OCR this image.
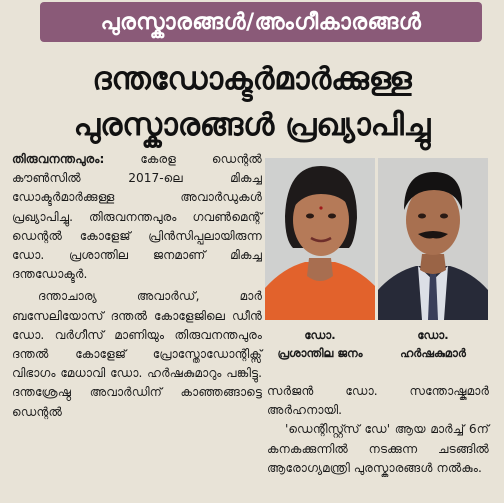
പുരസ്കാരങ്ങൾ/അംഗീകാരങ്ങൾ
ദന്തഡോക്ടർമാർക്കുള്ള
പുരസ്കാരങ്ങൾ പ്രഖ്യാപിച്ചു

തിരുവനന്തപുരം:	കേരള ഡെന്റൽ കൗൺസിൽ 2017-ലെ മികച്ച ഡോക്ടർമാർക്കുള്ള അവാർഡുകൾ പ്രഖ്യാപിച്ചു. തിരുവനന്തപുരം ഗവൺമെന്റ് ഡെന്റൽ കോളേജ് പ്രിൻസിപ്പലായിരുന്ന ഡോ. പ്രശാന്തില ജനമാണ് മികച്ച ദന്തഡോക്ടർ.

ദന്താചാര്യ അവാർഡ്, മാർ ബസേലിയോസ് ദന്തൽ കോളേജിലെ ഡീൻ ഡോ. വർഗീസ് മാണിയും തിരുവനന്തപുരം ദന്തൽ കോളേജ് പ്രോസ്തോഡോന്റിക്സ് വിഭാഗം മേധാവി ഡോ. ഹർഷകുമാറും പങ്കിട്ടു. ദന്തശ്രേഷ്ഠ അവാർഡിന് കാഞ്ഞങ്ങാട്ടെ ഡെന്റൽ

ഡോ.
പ്രശാന്തില ജനം
ഡോ.
ഹർഷകുമാർ

സർജൻ ഡോ. സന്തോഷ്കുമാർ അർഹനായി.

'ഡെന്റിസ്റ്റ്സ് ഡേ' ആയ മാർച്ച് 6ന് കനകക്കുന്നിൽ നടക്കുന്ന ചടങ്ങിൽ ആരോഗ്യമന്ത്രി പുരസ്കാരങ്ങൾ നൽകും.
